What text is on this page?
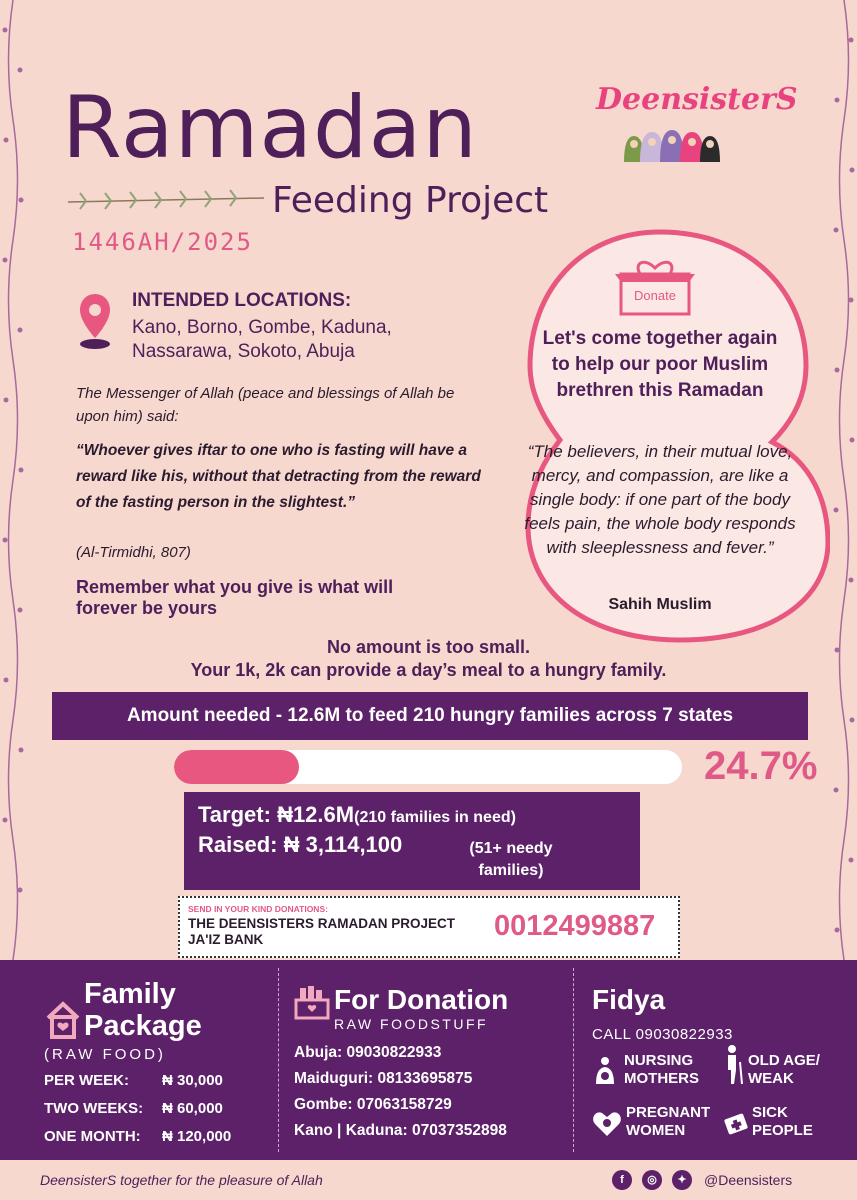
Ramadan
Feeding Project
1446AH/2025
DeensisterS
Donate
Let's come together again to help our poor Muslim brethren this Ramadan
“The believers, in their mutual love, mercy, and compassion, are like a single body: if one part of the body feels pain, the whole body responds with sleeplessness and fever.”
Sahih Muslim
INTENDED LOCATIONS:
Kano, Borno, Gombe, Kaduna, Nassarawa, Sokoto, Abuja
The Messenger of Allah (peace and blessings of Allah be upon him) said:
“Whoever gives iftar to one who is fasting will have a reward like his, without that detracting from the reward of the fasting person in the slightest.”
(Al-Tirmidhi, 807)
Remember what you give is what will forever be yours
No amount is too small.
Your 1k, 2k can provide a day’s meal to a hungry family.
Amount needed - 12.6M to feed 210 hungry families across 7 states
24.7%
Target: ₦12.6M(210 families in need)
Raised: ₦ 3,114,100	(51+ needy families)
SEND IN YOUR KIND DONATIONS:
THE DEENSISTERS RAMADAN PROJECT
JA'IZ BANK	0012499887
Family
Package
(RAW FOOD)
PER WEEK: ₦ 30,000
TWO WEEKS: ₦ 60,000
ONE MONTH: ₦ 120,000
For Donation
RAW FOODSTUFF
Abuja: 09030822933
Maiduguri: 08133695875
Gombe: 07063158729
Kano | Kaduna: 07037352898
Fidya
CALL 09030822933
NURSING
MOTHERS
OLD AGE/
WEAK
PREGNANT
WOMEN
SICK
PEOPLE
DeensisterS together for the pleasure of Allah	f	◎	✦	@Deensisters
